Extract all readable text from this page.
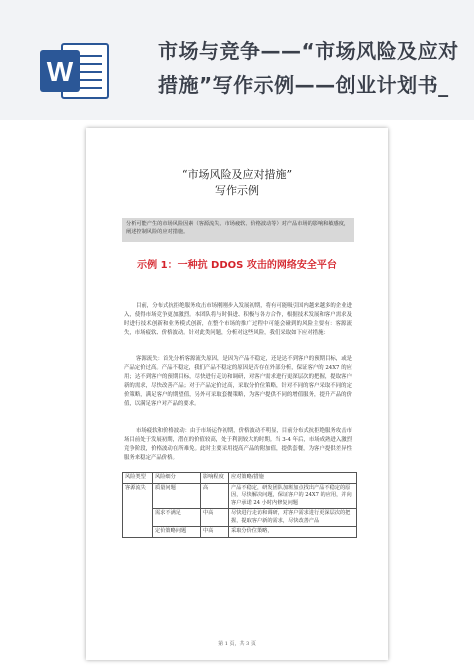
W
市场与竞争——“市场风险及应对措施”写作示例——创业计划书_
“市场风险及应对措施”
写作示例
分析可能产生的市场风险因素（客源流失、市场疲软、价格波动等）对产品市场的影响和敏感度，阐述控制风险的应对措施。
示例 1：一种抗 DDOS 攻击的网络安全平台
目前，分布式抗拒绝服务攻击市场刚刚步入发展初期，将有可能吸引国内越来越多的企业进入，使得市场竞争更加激烈。本团队将与时俱进、积极与各方合作，根据技术发展和客户需求及时进行技术创新和业务模式创新，在整个市场的推广过程中可能会碰到的风险主要有：客源流失，市场疲软、价格波动。针对此类问题，分析对这些风险，我们采取如下应对措施：
客源流失：首先分析客源流失原因，是因为产品不稳定，还是达不到客户的预期目标，或是产品定价过高。产品不稳定，我们产品不稳定的原因是否存在外部分析，保证客户的 24X7 的应用；达不到客户的预期目标，尽快进行走访和调研，对客户需求进行更深层次的把握，提取客户新的需求，尽快改善产品；对于产品定价过高，采取分价位策略，针对不同的客户采取不同的定价策略，满足客户的期望值，另外可采取套餐策略，为客户提供不同的增值服务，提升产品的价值，以满足客户对产品的要求。
市场疲软和价格波动：由于市场运作初期，价格波动不明显，目前分布式抗拒绝服务攻击市场目前处于发展初期，潜在的价值较高，处于利润较大的时期。当 3-4 年后，市场成熟进入激烈竞争阶段，价格波动在所难免。此时主要采用提高产品的附加值，提供套餐，为客户提供差异性服务来稳定产品价格。
风险类型	风险细分	影响程度	应对策略/措施
客源流失	质量问题	高	产品不稳定，研发团队加班加点找出产品不稳定的原因，尽快解决问题，保证客户的 24X7 的应用，并向客户承诺 24 小时内修复问题
	需求不满足	中高	尽快进行走访和调研，对客户需求进行更深层次的把握，提取客户新的需求，尽快改善产品
	定价策略问题	中高	采取分价位策略，
第 1 页，共 3 页
